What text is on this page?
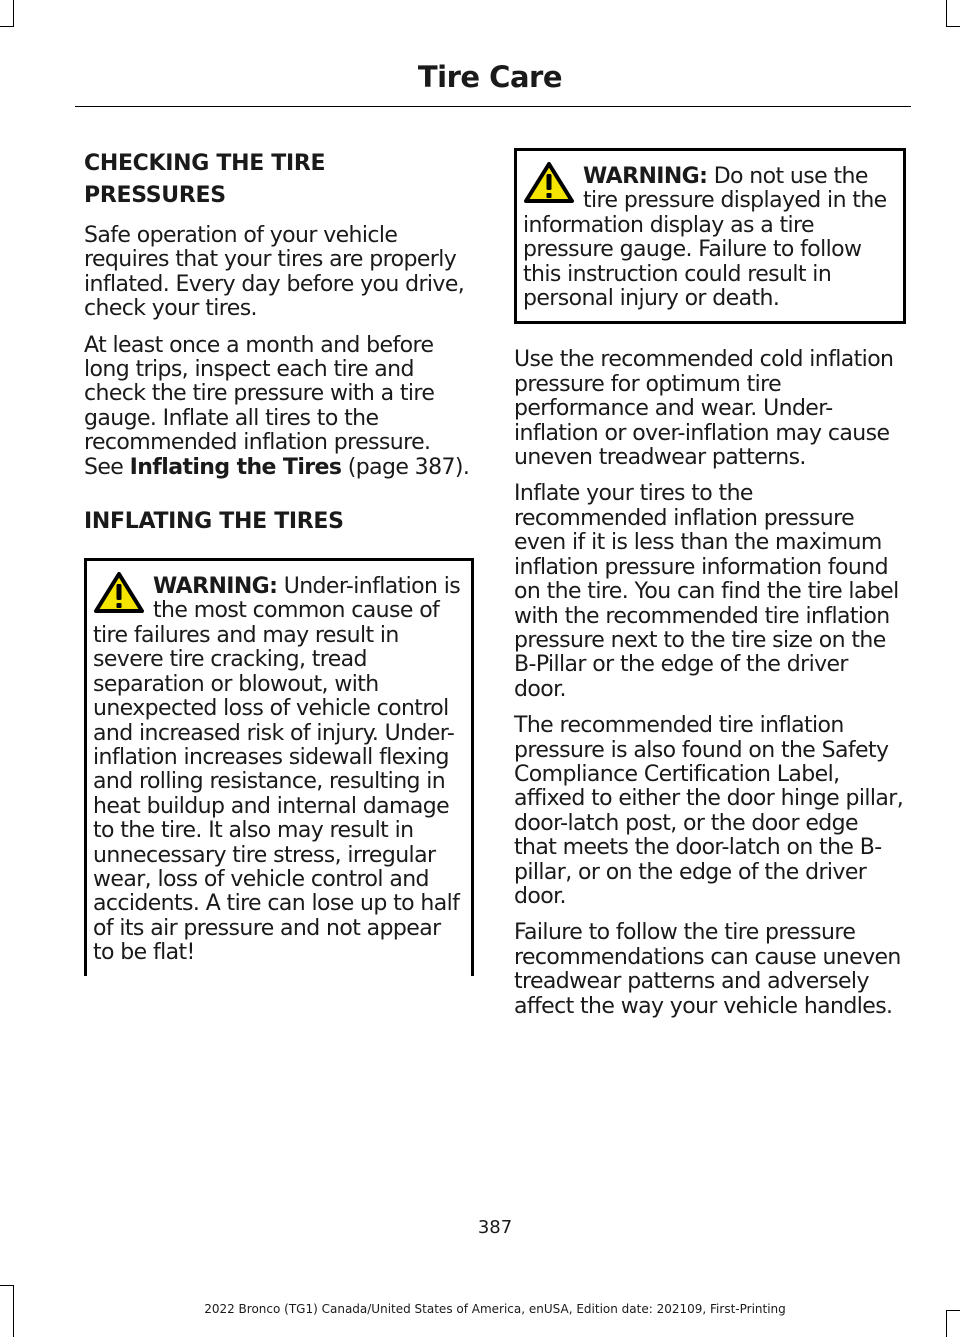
Tire Care
CHECKING THE TIRE PRESSURES

Safe operation of your vehicle requires that your tires are properly inflated. Every day before you drive, check your tires.

At least once a month and before long trips, inspect each tire and check the tire pressure with a tire gauge. Inflate all tires to the recommended inflation pressure. See Inflating the Tires (page 387).

INFLATING THE TIRES
WARNING: Under-inflation is the most common cause of tire failures and may result in severe tire cracking, tread separation or blowout, with unexpected loss of vehicle control and increased risk of injury. Under-inflation increases sidewall flexing and rolling resistance, resulting in heat buildup and internal damage to the tire. It also may result in unnecessary tire stress, irregular wear, loss of vehicle control and accidents. A tire can lose up to half of its air pressure and not appear to be flat!
WARNING: Do not use the tire pressure displayed in the information display as a tire pressure gauge. Failure to follow this instruction could result in personal injury or death.

Use the recommended cold inflation pressure for optimum tire performance and wear. Under-inflation or over-inflation may cause uneven treadwear patterns.

Inflate your tires to the recommended inflation pressure even if it is less than the maximum inflation pressure information found on the tire. You can find the tire label with the recommended tire inflation pressure next to the tire size on the B-Pillar or the edge of the driver door.

The recommended tire inflation pressure is also found on the Safety Compliance Certification Label, affixed to either the door hinge pillar, door-latch post, or the door edge that meets the door-latch on the B-pillar, or on the edge of the driver door.

Failure to follow the tire pressure recommendations can cause uneven treadwear patterns and adversely affect the way your vehicle handles.

387
2022 Bronco (TG1) Canada/United States of America, enUSA, Edition date: 202109, First-Printing
